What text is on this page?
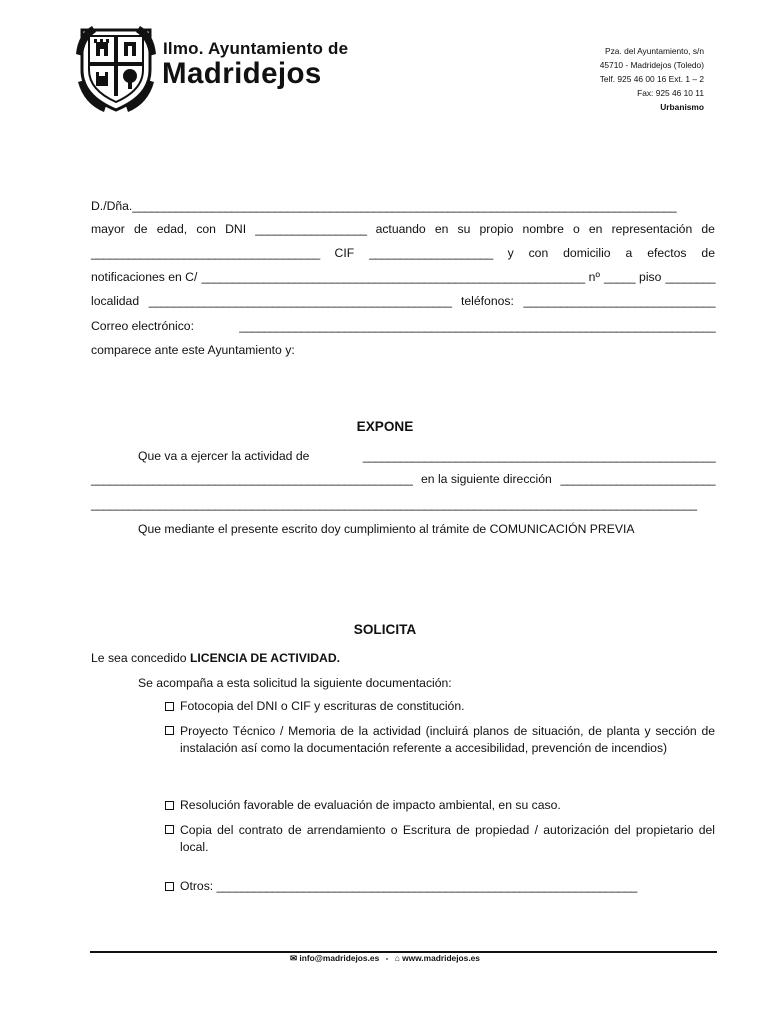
Ilmo. Ayuntamiento de
Madridejos
Pza. del Ayuntamiento, s/n
45710 - Madridejos (Toledo)
Telf. 925 46 00 16 Ext. 1 – 2
Fax: 925 46 10 11
Urbanismo
D./Dña.________________________________________________________________________________________
mayor de edad, con DNI __________________ actuando en su propio nombre o en representación de
_____________________________________ CIF ____________________ y con domicilio a efectos de
notificaciones en C/ ______________________________________________________________ nº _____ piso ________
localidad _________________________________________________ teléfonos: _______________________________
Correo electrónico:	_____________________________________________________________________________
comparece ante este Ayuntamiento y:
EXPONE
Que va a ejercer la actividad de	_________________________________________________________
____________________________________________________ en la siguiente dirección _________________________
__________________________________________________________________________________________________
Que mediante el presente escrito doy cumplimiento al trámite de COMUNICACIÓN PREVIA
SOLICITA
Le sea concedido LICENCIA DE ACTIVIDAD.
Se acompaña a esta solicitud la siguiente documentación:
Fotocopia del DNI o CIF y escrituras de constitución.
Proyecto Técnico / Memoria de la actividad (incluirá planos de situación, de planta y sección de instalación así como la documentación referente a accesibilidad, prevención de incendios)
Resolución favorable de evaluación de impacto ambiental, en su caso.
Copia del contrato de arrendamiento o Escritura de propiedad / autorización del propietario del local.
Otros: ____________________________________________________________________
✉ info@madridejos.es - ⌂ www.madridejos.es
